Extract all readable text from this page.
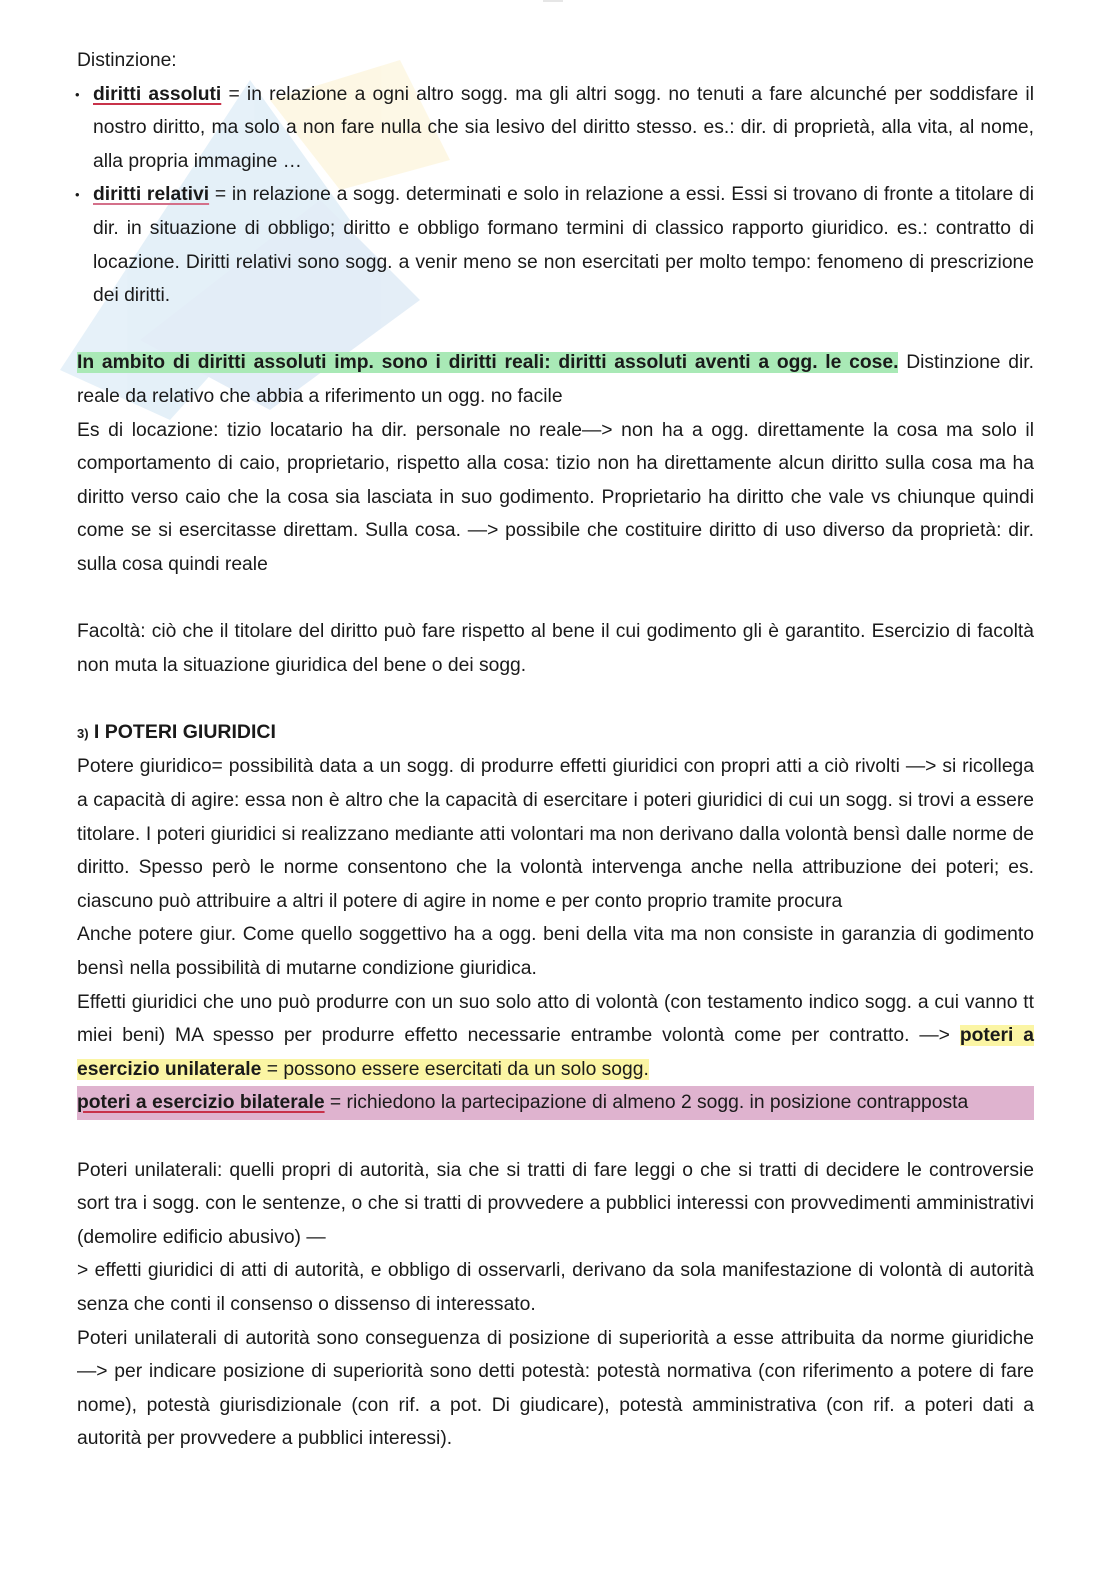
Distinzione:

• diritti assoluti = in relazione a ogni altro sogg. ma gli altri sogg. no tenuti a fare alcunché per soddisfare il nostro diritto, ma solo a non fare nulla che sia lesivo del diritto stesso. es.: dir. di proprietà, alla vita, al nome, alla propria immagine …
• diritti relativi = in relazione a sogg. determinati e solo in relazione a essi. Essi si trovano di fronte a titolare di dir. in situazione di obbligo; diritto e obbligo formano termini di classico rapporto giuridico. es.: contratto di locazione. Diritti relativi sono sogg. a venir meno se non esercitati per molto tempo: fenomeno di prescrizione dei diritti.

In ambito di diritti assoluti imp. sono i diritti reali: diritti assoluti aventi a ogg. le cose. Distinzione dir. reale da relativo che abbia a riferimento un ogg. no facile

Es di locazione: tizio locatario ha dir. personale no reale—> non ha a ogg. direttamente la cosa ma solo il comportamento di caio, proprietario, rispetto alla cosa: tizio non ha direttamente alcun diritto sulla cosa ma ha diritto verso caio che la cosa sia lasciata in suo godimento. Proprietario ha diritto che vale vs chiunque quindi come se si esercitasse direttam. Sulla cosa. —> possibile che costituire diritto di uso diverso da proprietà: dir. sulla cosa quindi reale

Facoltà: ciò che il titolare del diritto può fare rispetto al bene il cui godimento gli è garantito. Esercizio di facoltà non muta la situazione giuridica del bene o dei sogg.

3) I POTERI GIURIDICI

Potere giuridico= possibilità data a un sogg. di produrre effetti giuridici con propri atti a ciò rivolti —> si ricollega a capacità di agire: essa non è altro che la capacità di esercitare i poteri giuridici di cui un sogg. si trovi a essere titolare. I poteri giuridici si realizzano mediante atti volontari ma non derivano dalla volontà bensì dalle norme de diritto. Spesso però le norme consentono che la volontà intervenga anche nella attribuzione dei poteri; es. ciascuno può attribuire a altri il potere di agire in nome e per conto proprio tramite procura

Anche potere giur. Come quello soggettivo ha a ogg. beni della vita ma non consiste in garanzia di godimento bensì nella possibilità di mutarne condizione giuridica.

Effetti giuridici che uno può produrre con un suo solo atto di volontà (con testamento indico sogg. a cui vanno tt miei beni) MA spesso per produrre effetto necessarie entrambe volontà come per contratto. —> poteri a esercizio unilaterale = possono essere esercitati da un solo sogg.

poteri a esercizio bilaterale = richiedono la partecipazione di almeno 2 sogg. in posizione contrapposta

Poteri unilaterali: quelli propri di autorità, sia che si tratti di fare leggi o che si tratti di decidere le controversie sort tra i sogg. con le sentenze, o che si tratti di provvedere a pubblici interessi con provvedimenti amministrativi (demolire edificio abusivo) —

> effetti giuridici di atti di autorità, e obbligo di osservarli, derivano da sola manifestazione di volontà di autorità senza che conti il consenso o dissenso di interessato.

Poteri unilaterali di autorità sono conseguenza di posizione di superiorità a esse attribuita da norme giuridiche —> per indicare posizione di superiorità sono detti potestà: potestà normativa (con riferimento a potere di fare nome), potestà giurisdizionale (con rif. a pot. Di giudicare), potestà amministrativa (con rif. a poteri dati a autorità per provvedere a pubblici interessi).
